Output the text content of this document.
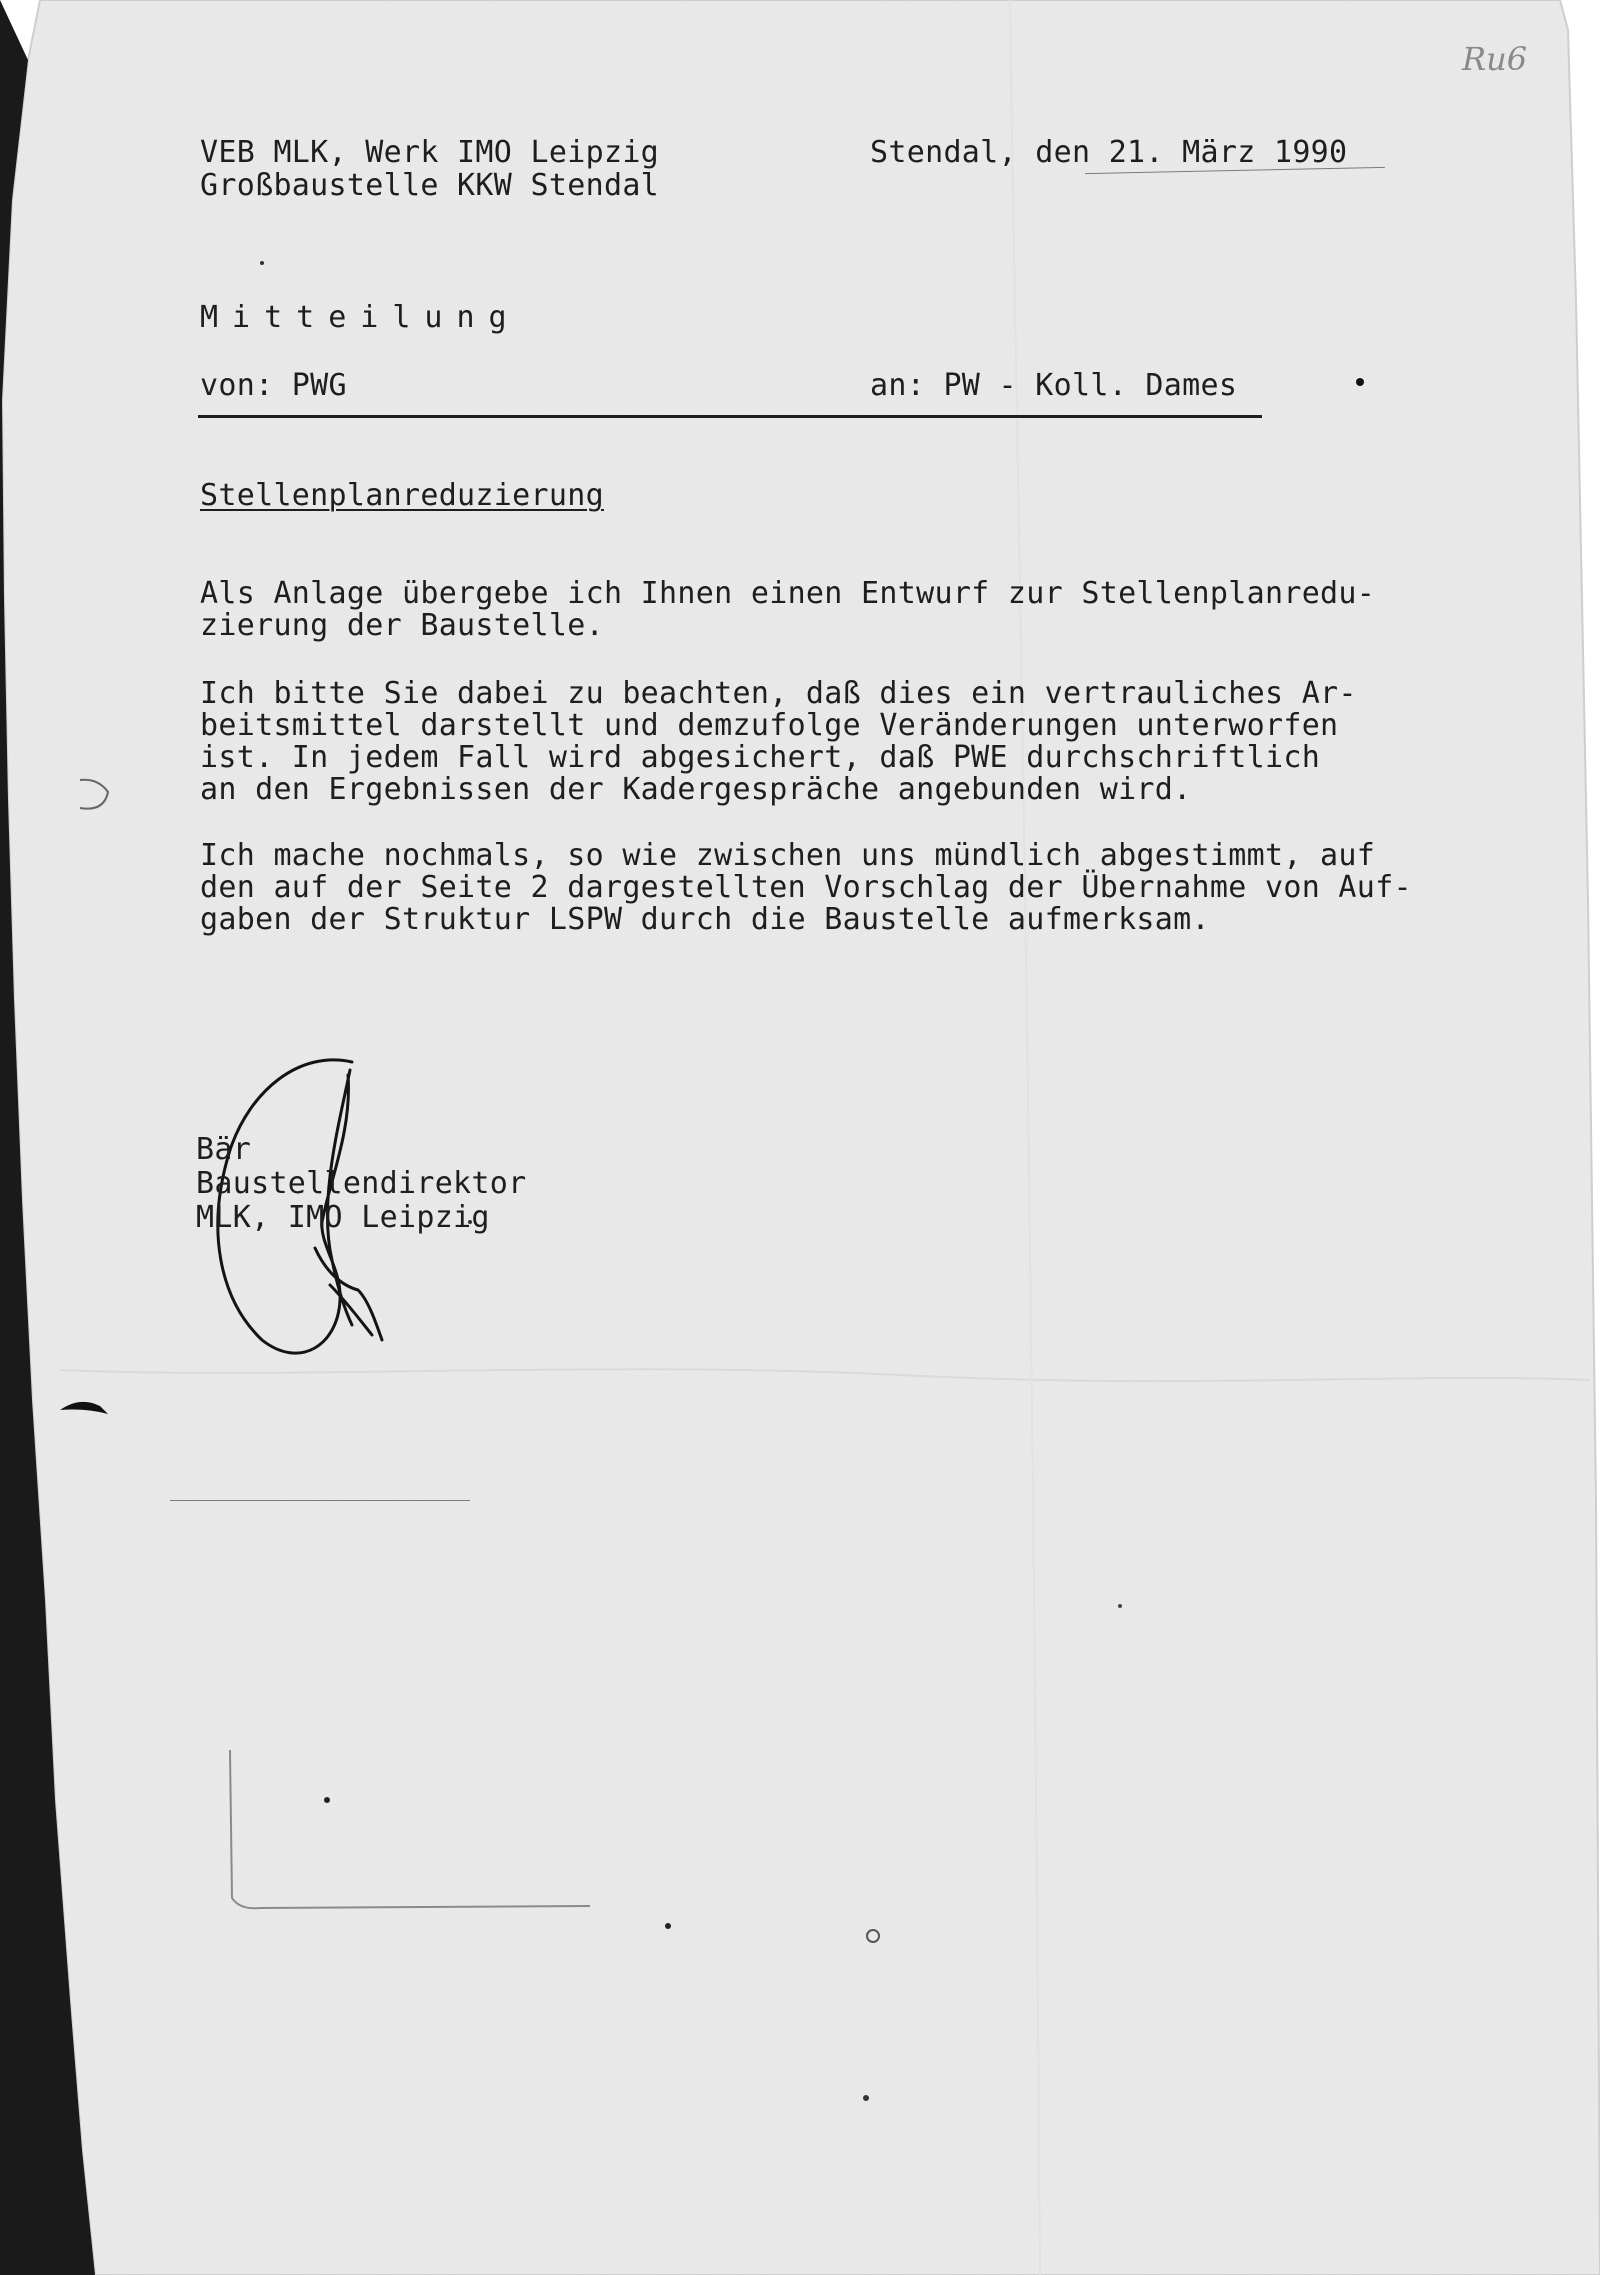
Ru6
VEB MLK, Werk IMO Leipzig
Großbaustelle KKW Stendal
Stendal, den 21. März 1990
Mitteilung
von: PWG	an: PW - Koll. Dames
Stellenplanreduzierung
Als Anlage übergebe ich Ihnen einen Entwurf zur Stellenplanredu-
zierung der Baustelle.
Ich bitte Sie dabei zu beachten, daß dies ein vertrauliches Ar-
beitsmittel darstellt und demzufolge Veränderungen unterworfen
ist. In jedem Fall wird abgesichert, daß PWE durchschriftlich
an den Ergebnissen der Kadergespräche angebunden wird.
Ich mache nochmals, so wie zwischen uns mündlich abgestimmt, auf
den auf der Seite 2 dargestellten Vorschlag der Übernahme von Auf-
gaben der Struktur LSPW durch die Baustelle aufmerksam.
Bär
Baustellendirektor
MLK, IMO Leipzig
